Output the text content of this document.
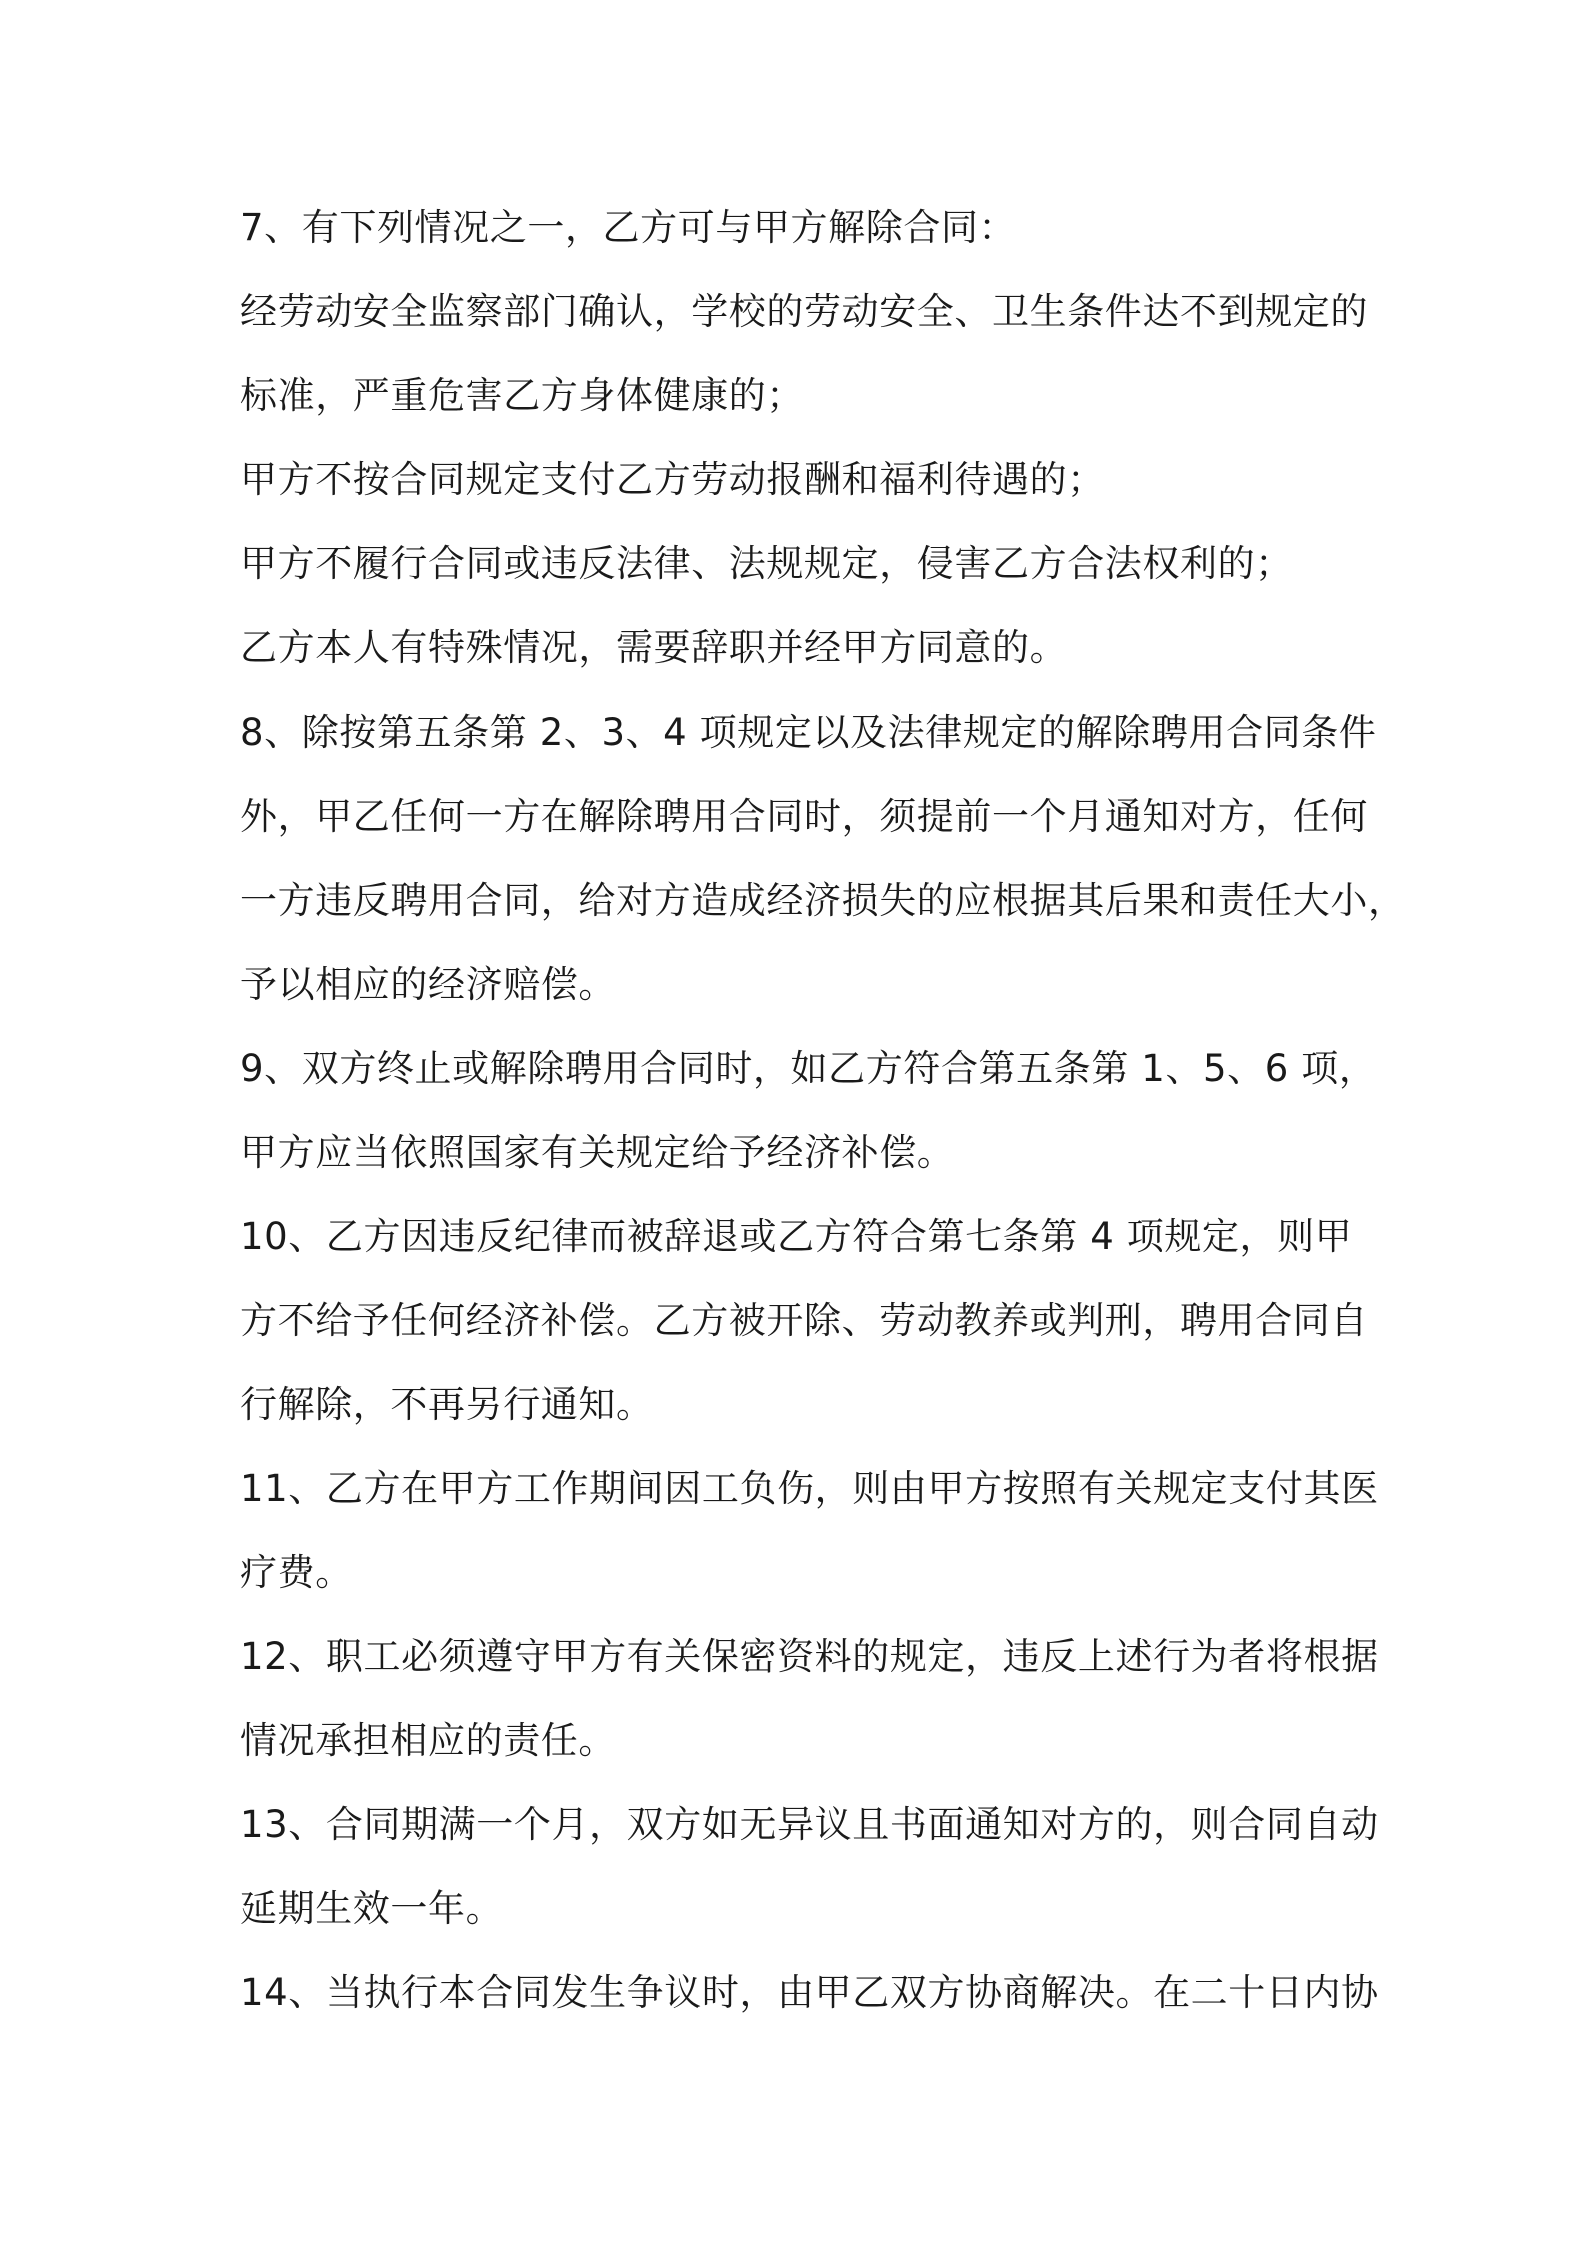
7、有下列情况之一，乙方可与甲方解除合同：

经劳动安全监察部门确认，学校的劳动安全、卫生条件达不到规定的

标准，严重危害乙方身体健康的；

甲方不按合同规定支付乙方劳动报酬和福利待遇的；

甲方不履行合同或违反法律、法规规定，侵害乙方合法权利的；

乙方本人有特殊情况，需要辞职并经甲方同意的。

8、除按第五条第 2、3、4 项规定以及法律规定的解除聘用合同条件

外，甲乙任何一方在解除聘用合同时，须提前一个月通知对方，任何

一方违反聘用合同，给对方造成经济损失的应根据其后果和责任大小，

予以相应的经济赔偿。

9、双方终止或解除聘用合同时，如乙方符合第五条第 1、5、6 项，

甲方应当依照国家有关规定给予经济补偿。

10、乙方因违反纪律而被辞退或乙方符合第七条第 4 项规定，则甲

方不给予任何经济补偿。乙方被开除、劳动教养或判刑，聘用合同自

行解除，不再另行通知。

11、乙方在甲方工作期间因工负伤，则由甲方按照有关规定支付其医

疗费。

12、职工必须遵守甲方有关保密资料的规定，违反上述行为者将根据

情况承担相应的责任。

13、合同期满一个月，双方如无异议且书面通知对方的，则合同自动

延期生效一年。

14、当执行本合同发生争议时，由甲乙双方协商解决。在二十日内协
